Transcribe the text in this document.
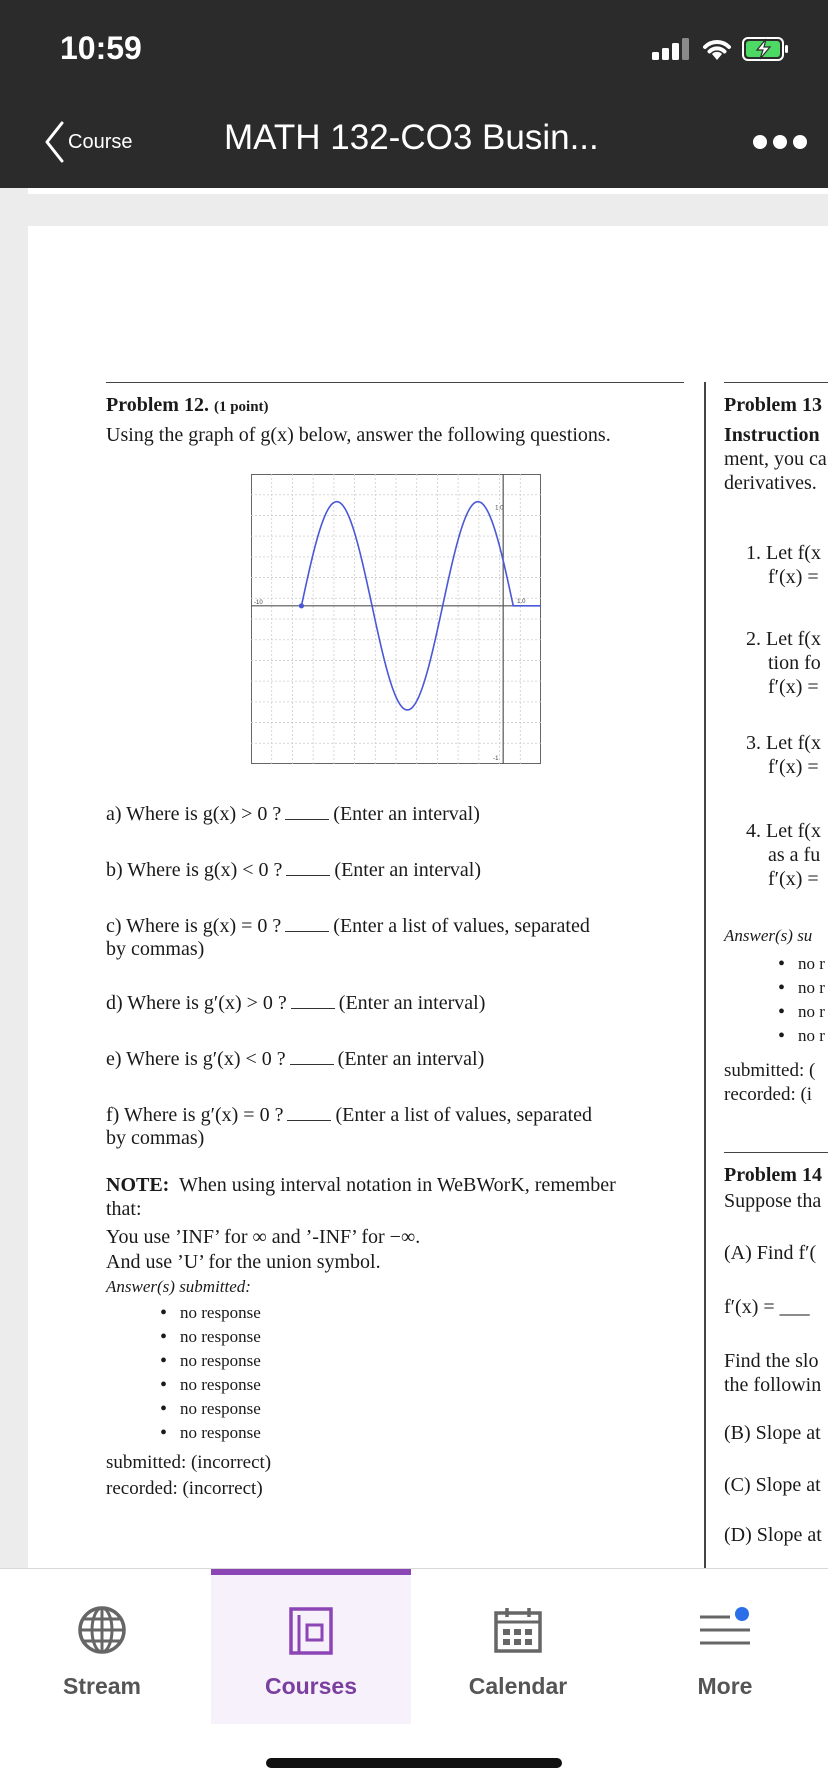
10:59
Course	MATH 132-CO3 Busin...
Problem 12. (1 point)
Using the graph of g(x) below, answer the following questions.
-10	1.0
1.0
-1
a) Where is g(x) > 0 ?	(Enter an interval)
b) Where is g(x) < 0 ?	(Enter an interval)
c) Where is g(x) = 0 ?	(Enter a list of values, separated
by commas)
d) Where is g′(x) > 0 ?	(Enter an interval)
e) Where is g′(x) < 0 ?	(Enter an interval)
f) Where is g′(x) = 0 ?	(Enter a list of values, separated
by commas)
NOTE: When using interval notation in WeBWorK, remember
that:
You use ’INF’ for ∞ and ’-INF’ for −∞.
And use ’U’ for the union symbol.
Answer(s) submitted:
• no response
• no response
• no response
• no response
• no response
• no response
submitted: (incorrect)
recorded: (incorrect)
Problem 13
Instruction
ment, you ca
derivatives.
1. Let f(x
f′(x) =
2. Let f(x
tion fo
f′(x) =
3. Let f(x
f′(x) =
4. Let f(x
as a fu
f′(x) =
Answer(s) su
• no r
• no r
• no r
• no r
submitted: (
recorded: (i
Problem 14
Suppose tha
(A) Find f′(
f′(x) = ___
Find the slo
the followin
(B) Slope at
(C) Slope at
(D) Slope at
Stream	Courses	Calendar	More
